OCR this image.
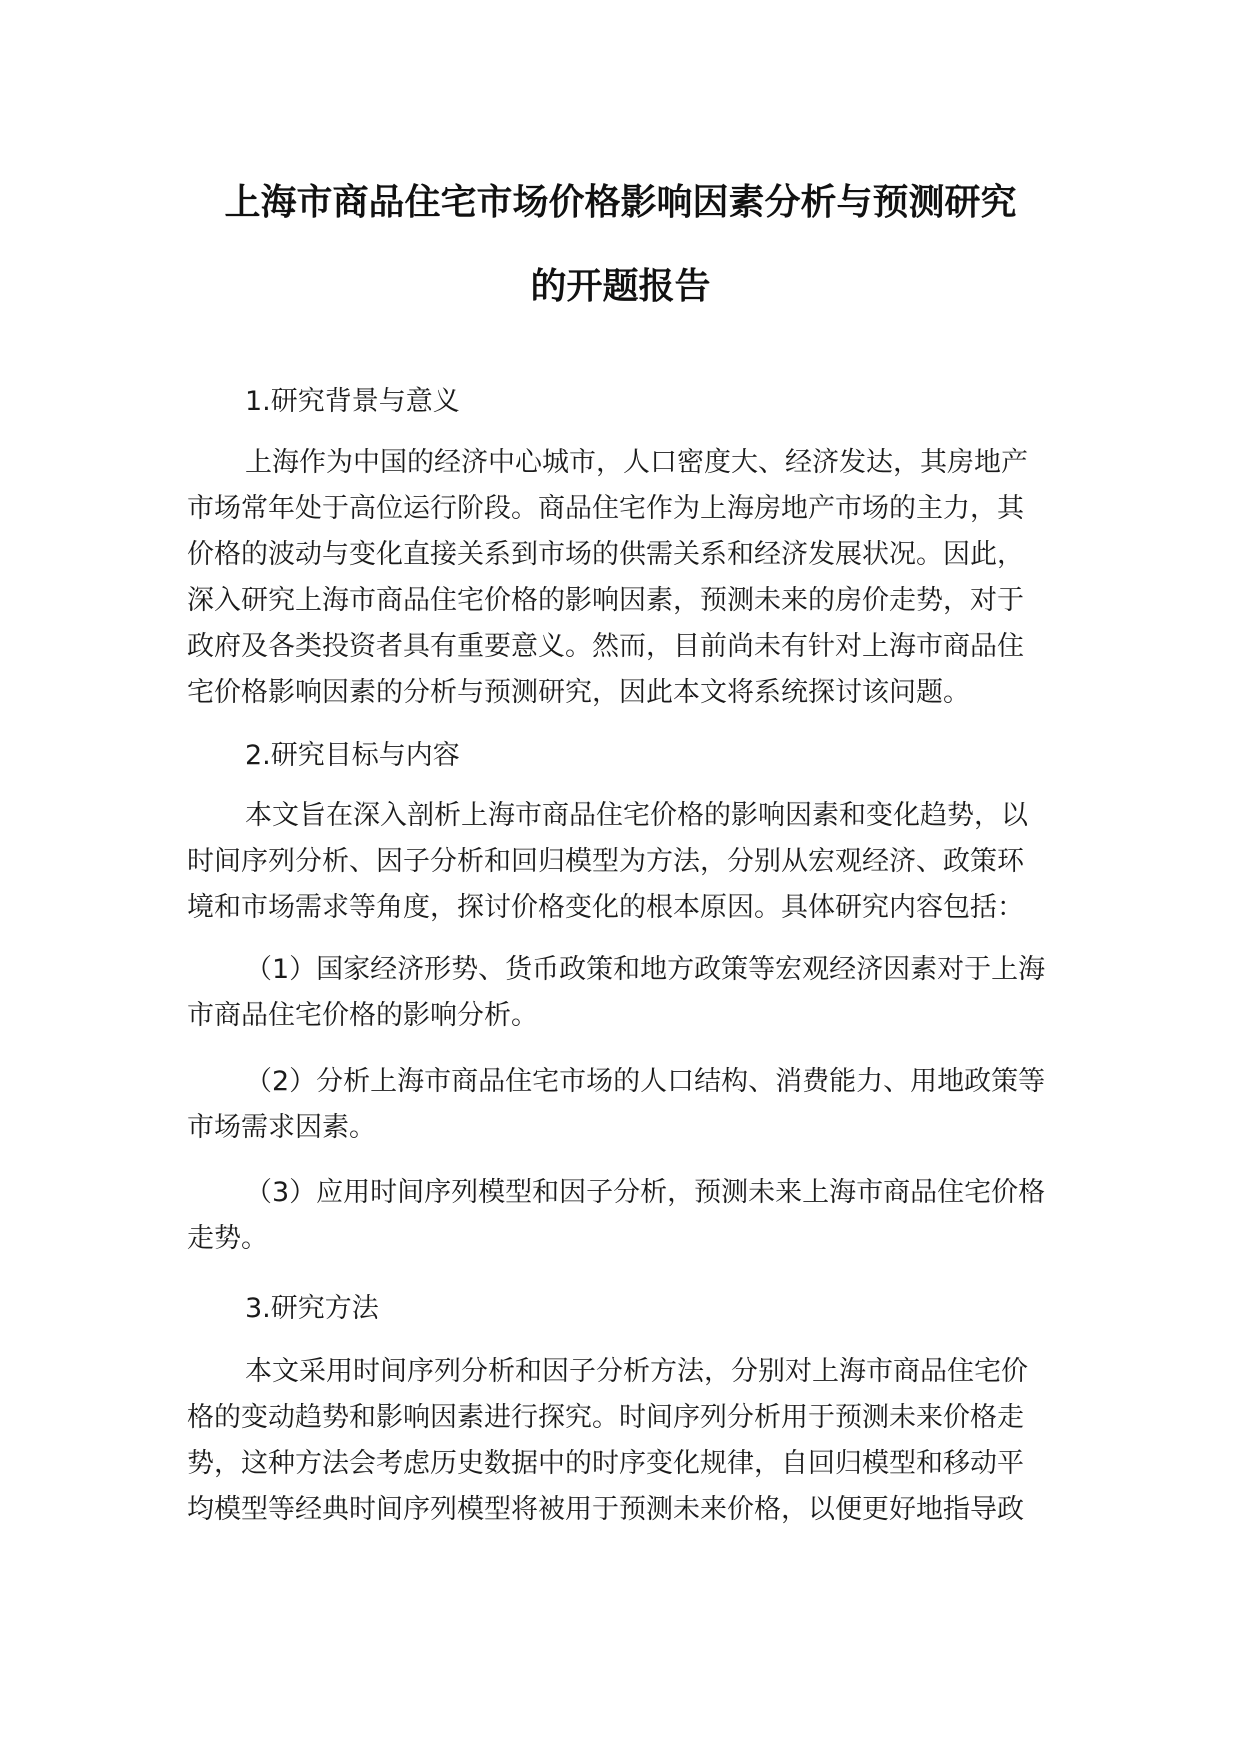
上海市商品住宅市场价格影响因素分析与预测研究
的开题报告
1.研究背景与意义
上海作为中国的经济中心城市，人口密度大、经济发达，其房地产
市场常年处于高位运行阶段。商品住宅作为上海房地产市场的主力，其
价格的波动与变化直接关系到市场的供需关系和经济发展状况。因此，
深入研究上海市商品住宅价格的影响因素，预测未来的房价走势，对于
政府及各类投资者具有重要意义。然而，目前尚未有针对上海市商品住
宅价格影响因素的分析与预测研究，因此本文将系统探讨该问题。
2.研究目标与内容
本文旨在深入剖析上海市商品住宅价格的影响因素和变化趋势，以
时间序列分析、因子分析和回归模型为方法，分别从宏观经济、政策环
境和市场需求等角度，探讨价格变化的根本原因。具体研究内容包括：
（1）国家经济形势、货币政策和地方政策等宏观经济因素对于上海
市商品住宅价格的影响分析。
（2）分析上海市商品住宅市场的人口结构、消费能力、用地政策等
市场需求因素。
（3）应用时间序列模型和因子分析，预测未来上海市商品住宅价格
走势。
3.研究方法
本文采用时间序列分析和因子分析方法，分别对上海市商品住宅价
格的变动趋势和影响因素进行探究。时间序列分析用于预测未来价格走
势，这种方法会考虑历史数据中的时序变化规律，自回归模型和移动平
均模型等经典时间序列模型将被用于预测未来价格，以便更好地指导政
